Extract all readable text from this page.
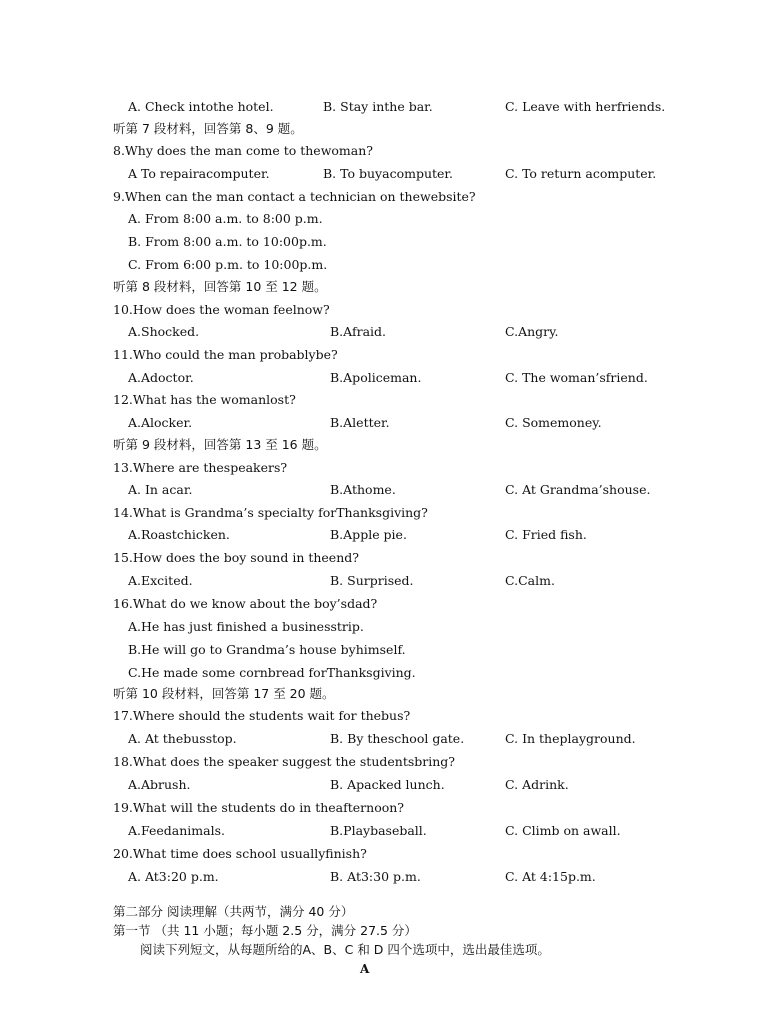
A. Check intothe hotel.	B. Stay inthe bar.	C. Leave with herfriends.
听第 7 段材料，回答第 8、9 题。
8.Why does the man come to thewoman?
A To repairacomputer.	B. To buyacomputer.	C. To return acomputer.
9.When can the man contact a technician on thewebsite?
A. From 8:00 a.m. to 8:00 p.m.
B. From 8:00 a.m. to 10:00p.m.
C. From 6:00 p.m. to 10:00p.m.
听第 8 段材料，回答第 10 至 12 题。
10.How does the woman feelnow?
A.Shocked.	B.Afraid.	C.Angry.
11.Who could the man probablybe?
A.Adoctor.	B.Apoliceman.	C. The woman’sfriend.
12.What has the womanlost?
A.Alocker.	B.Aletter.	C. Somemoney.
听第 9 段材料，回答第 13 至 16 题。
13.Where are thespeakers?
A. In acar.	B.Athome.	C. At Grandma’shouse.
14.What is Grandma’s specialty forThanksgiving?
A.Roastchicken.	B.Apple pie.	C. Fried fish.
15.How does the boy sound in theend?
A.Excited.	B. Surprised.	C.Calm.
16.What do we know about the boy’sdad?
A.He has just finished a businesstrip.
B.He will go to Grandma’s house byhimself.
C.He made some cornbread forThanksgiving.
听第 10 段材料，回答第 17 至 20 题。
17.Where should the students wait for thebus?
A. At thebusstop.	B. By theschool gate.	C. In theplayground.
18.What does the speaker suggest the studentsbring?
A.Abrush.	B. Apacked lunch.	C. Adrink.
19.What will the students do in theafternoon?
A.Feedanimals.	B.Playbaseball.	C. Climb on awall.
20.What time does school usuallyfinish?
A. At3:20 p.m.	B. At3:30 p.m.	C. At 4:15p.m.
第二部分 阅读理解（共两节，满分 40 分）
第一节 （共 11 小题；每小题 2.5 分，满分 27.5 分）
阅读下列短文，从每题所给的A、B、C 和 D 四个选项中，选出最佳选项。
A
